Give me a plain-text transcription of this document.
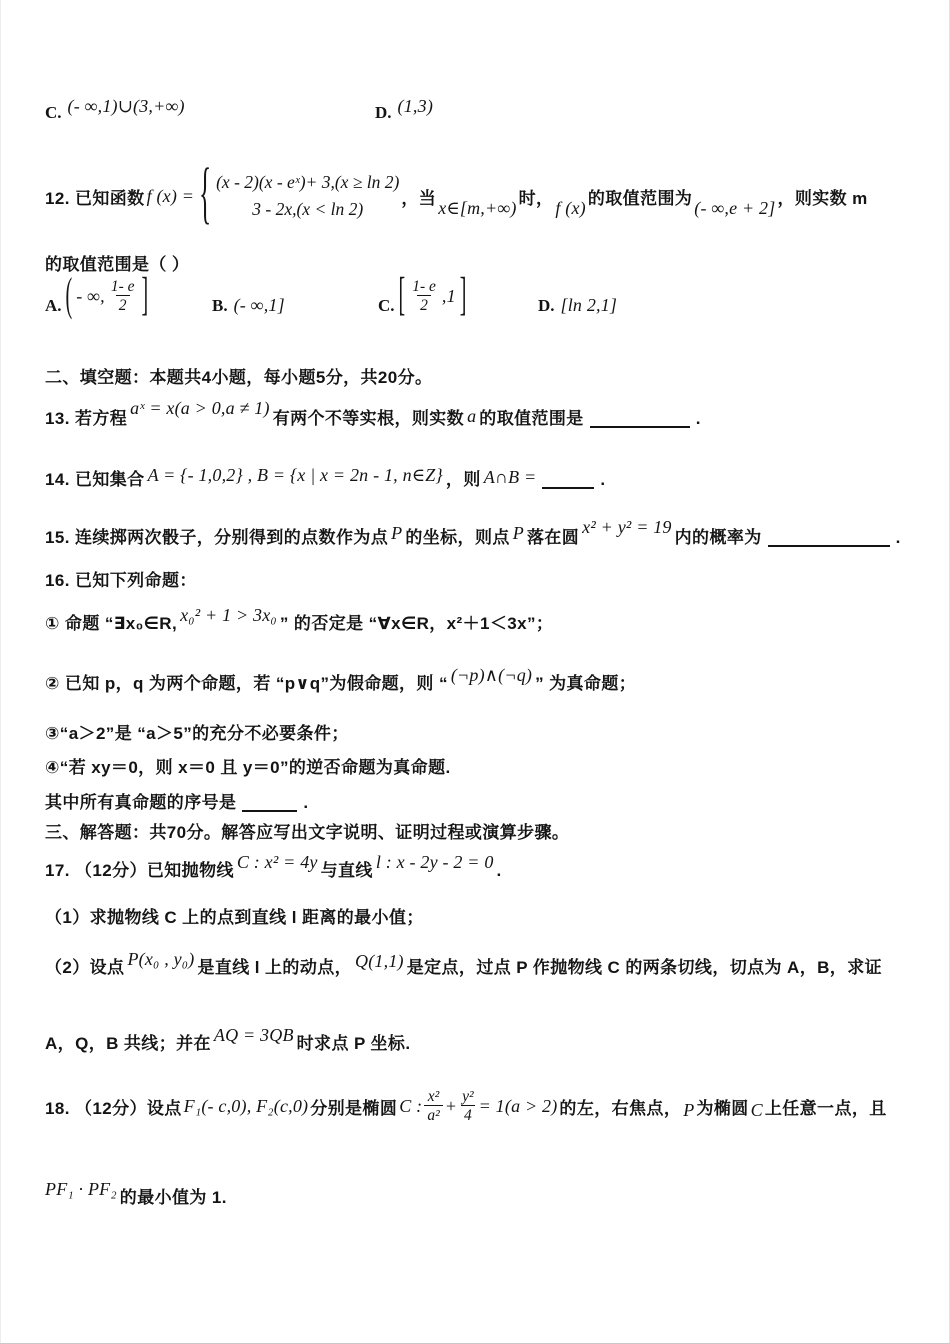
C. (- ∞,1)∪(3,+∞)	D. (1,3)
12. 已知函数 f (x) = { (x - 2)(x - eˣ)+ 3,(x ≥ ln 2)
3 - 2x,(x < ln 2)
，当 x∈[m,+∞) 时， f (x) 的取值范围为 (- ∞,e + 2] ，则实数 m
的取值范围是（ ）
A. ( - ∞, $\frac{1- e}{2}$ ]	B. (- ∞,1]	C. [ $\frac{1- e}{2} ,1$ ]	D. [ln 2,1]
二、填空题：本题共4小题，每小题5分，共20分。
13. 若方程
aˣ = x(a > 0,a ≠ 1)
有两个不等实根，则实数 a 的取值范围是	.
14. 已知集合 A = {- 1,0,2} , B = {x | x = 2n - 1, n∈Z} ，则 A∩B =	.
15. 连续掷两次骰子，分别得到的点数作为点 P 的坐标，则点 P 落在圆
x² + y² = 19
内的概率为	.
16. 已知下列命题：
① 命题 “∃x₀∈R, x₀² + 1 > 3x₀ ” 的否定是 “∀x∈R，x²＋1＜3x”；
② 已知 p，q 为两个命题，若 “p∨q”为假命题，则 “ (¬p)∧(¬q) ” 为真命题；
③“a＞2”是 “a＞5”的充分不必要条件；
④“若 xy＝0，则 x＝0 且 y＝0”的逆否命题为真命题.
其中所有真命题的序号是	.
三、解答题：共70分。解答应写出文字说明、证明过程或演算步骤。
17. （12分）已知抛物线 C : x² = 4y 与直线 l : x - 2y - 2 = 0 .
（1）求抛物线 C 上的点到直线 l 距离的最小值；
（2）设点 P(x₀ , y₀) 是直线 l 上的动点， Q(1,1) 是定点，过点 P 作抛物线 C 的两条切线，切点为 A，B，求证
A，Q，B 共线；并在 AQ = 3QB 时求点 P 坐标.
18. （12分）设点 F₁(- c,0), F₂(c,0) 分别是椭圆 C : $\frac{\text{x²}}{\text{a²}} + \frac{\text{y²}}{4} = 1(a > 2)$ 的左，右焦点， P 为椭圆 C 上任意一点，且
PF₁ · PF₂ 的最小值为 1.
